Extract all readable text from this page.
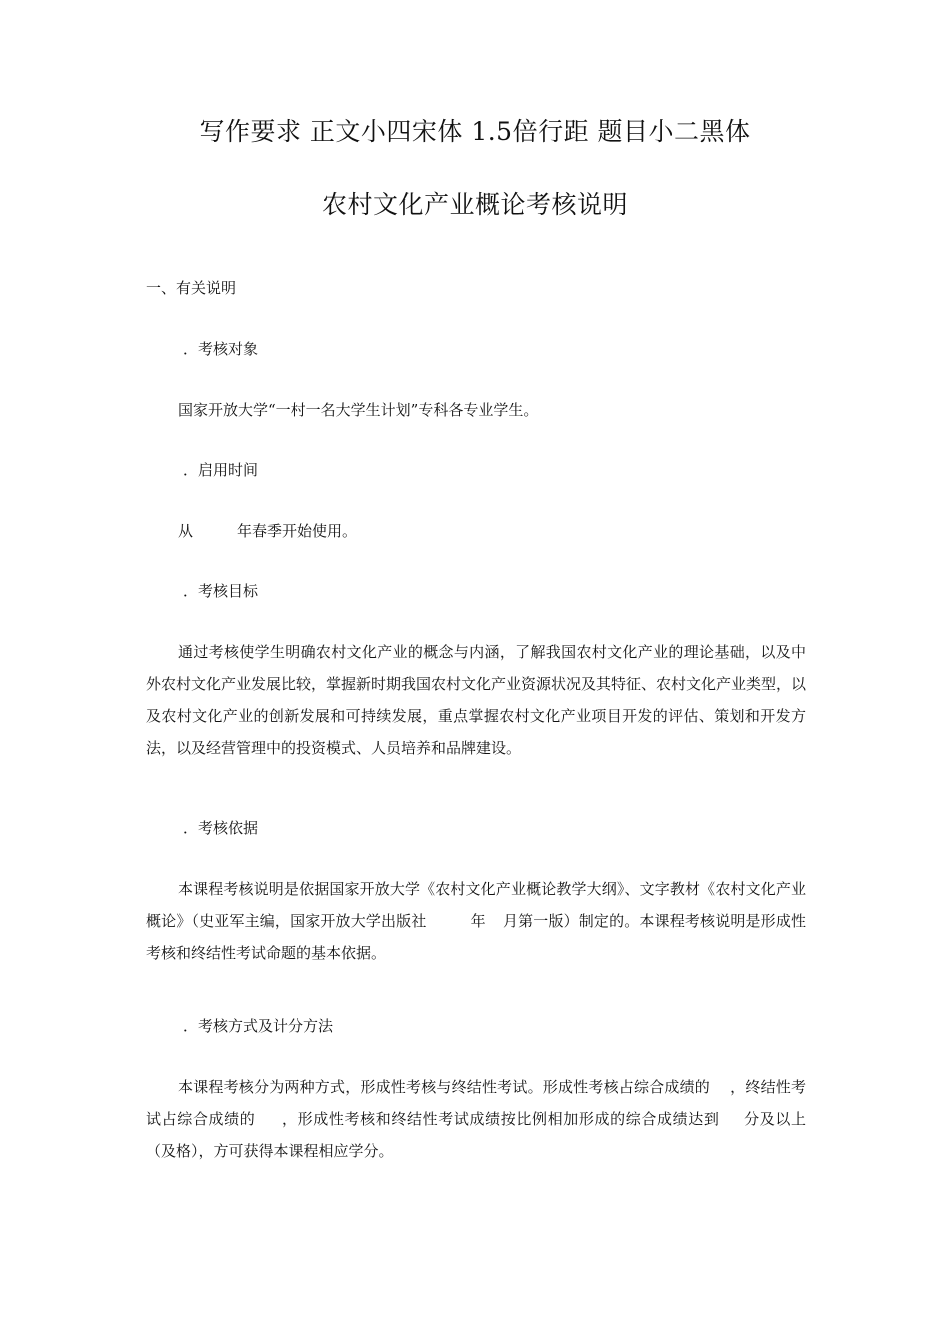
写作要求 正文小四宋体 1.5倍行距 题目小二黑体
农村文化产业概论考核说明
一、有关说明
．考核对象
国家开放大学“一村一名大学生计划”专科各专业学生。
．启用时间
从	年春季开始使用。
．考核目标
通过考核使学生明确农村文化产业的概念与内涵，了解我国农村文化产业的理论基础，以及中外农村文化产业发展比较，掌握新时期我国农村文化产业资源状况及其特征、农村文化产业类型，以及农村文化产业的创新发展和可持续发展，重点掌握农村文化产业项目开发的评估、策划和开发方法，以及经营管理中的投资模式、人员培养和品牌建设。
．考核依据
本课程考核说明是依据国家开放大学《农村文化产业概论教学大纲》、文字教材《农村文化产业概论》（史亚军主编，国家开放大学出版社	年 月第一版）制定的。本课程考核说明是形成性考核和终结性考试命题的基本依据。
．考核方式及计分方法
本课程考核分为两种方式，形成性考核与终结性考试。形成性考核占综合成绩的 ，终结性考试占综合成绩的 ，形成性考核和终结性考试成绩按比例相加形成的综合成绩达到 分及以上（及格），方可获得本课程相应学分。
